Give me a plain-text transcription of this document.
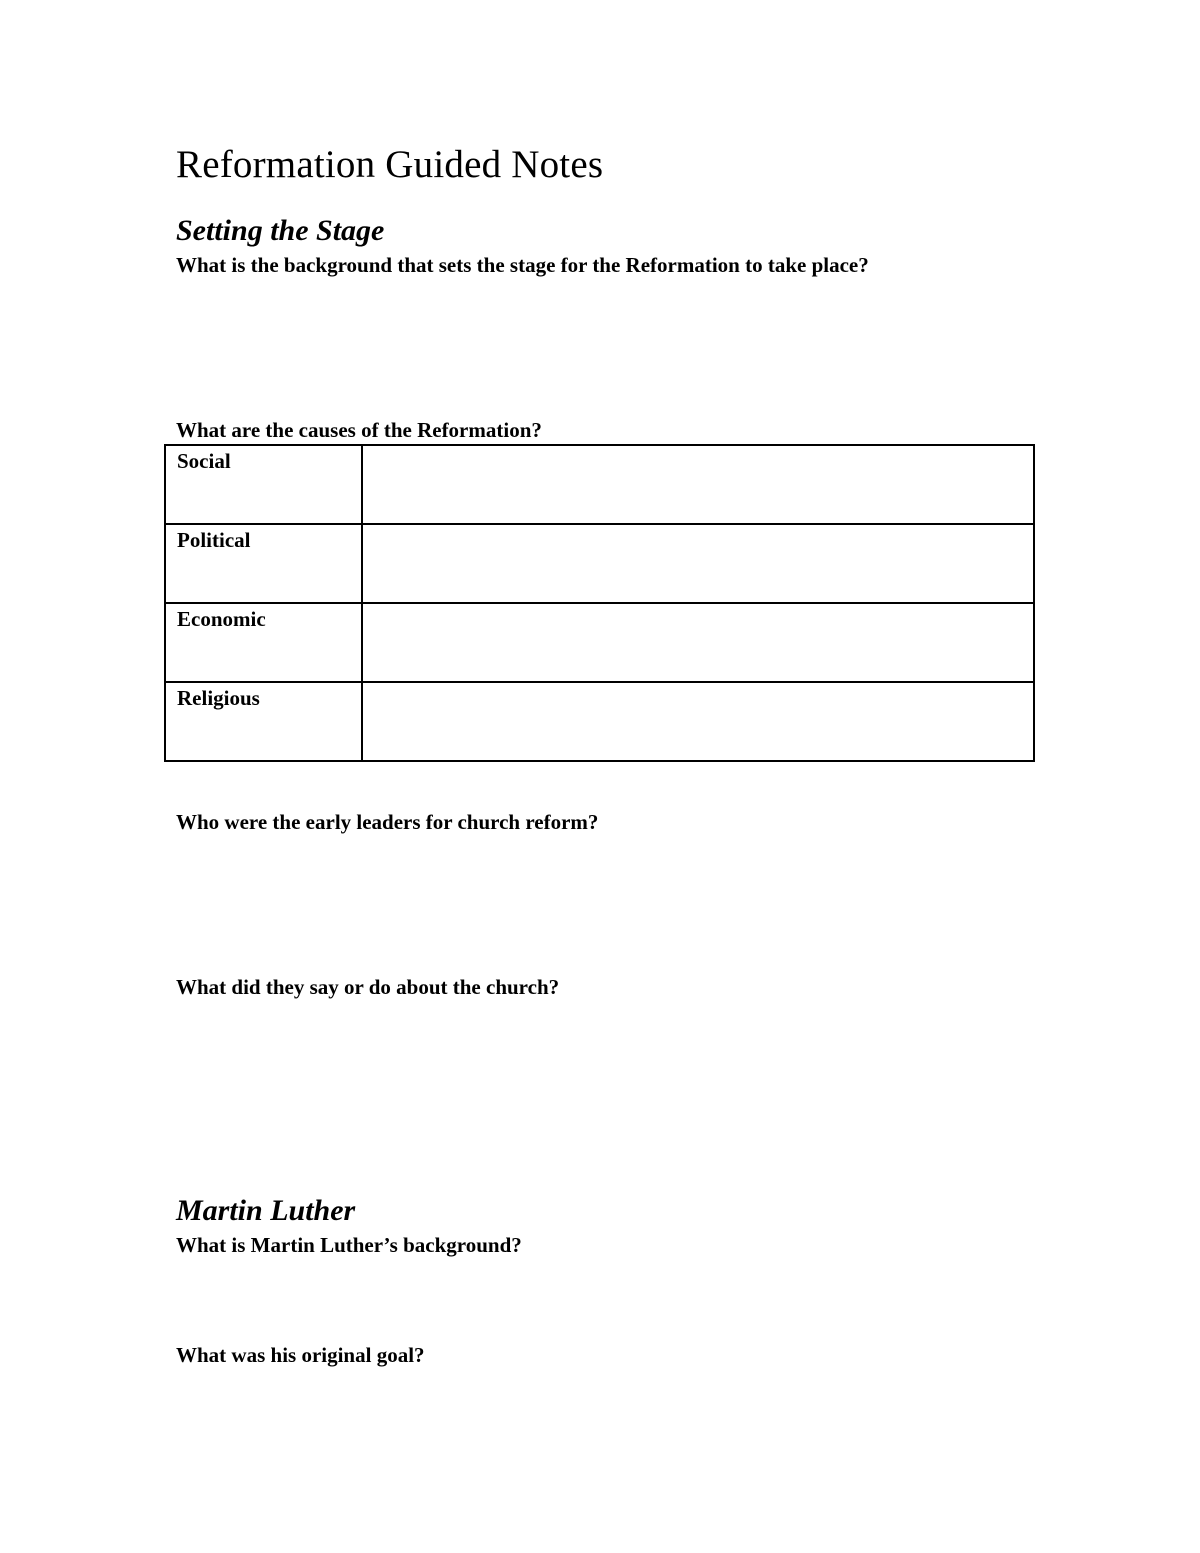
Reformation Guided Notes
Setting the Stage
What is the background that sets the stage for the Reformation to take place?
What are the causes of the Reformation?
Social	
Political	
Economic	
Religious	
Who were the early leaders for church reform?
What did they say or do about the church?
Martin Luther
What is Martin Luther’s background?
What was his original goal?
